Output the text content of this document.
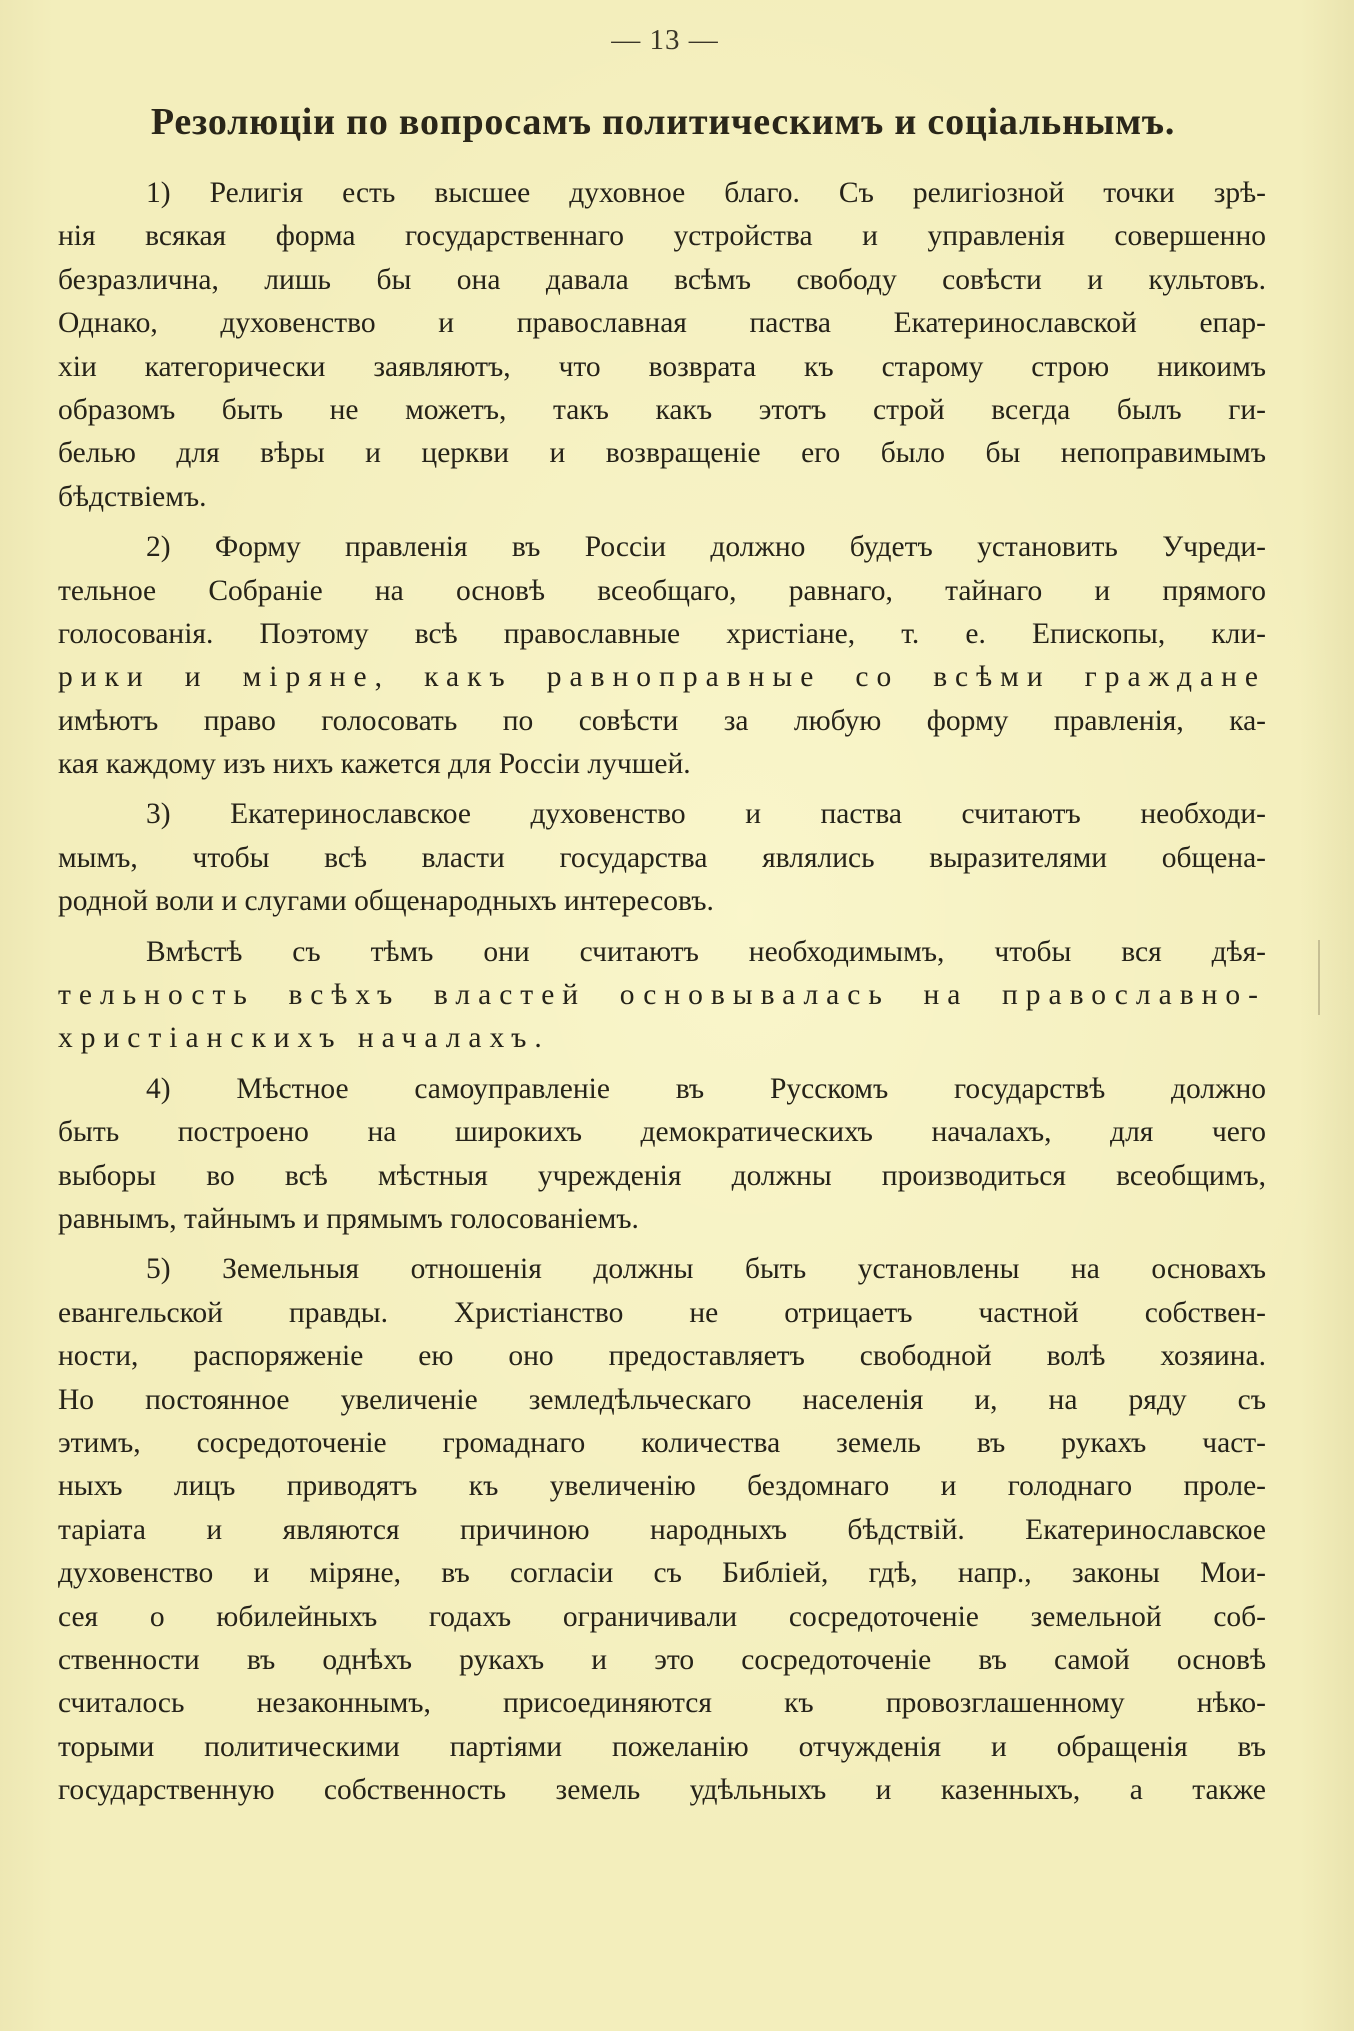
— 13 —
Резолюціи по вопросамъ политическимъ и соціальнымъ.
1) Религія есть высшее духовное благо. Съ религіозной точки зрѣ-
нія всякая форма государственнаго устройства и управленія совершенно
безразлична, лишь бы она давала всѣмъ свободу совѣсти и культовъ.
Однако, духовенство и православная паства Екатеринославской епар-
хіи категорически заявляютъ, что возврата къ старому строю никоимъ
образомъ быть не можетъ, такъ какъ этотъ строй всегда былъ ги-
белью для вѣры и церкви и возвращеніе его было бы непоправимымъ
бѣдствіемъ.
2) Форму правленія въ Россіи должно будетъ установить Учреди-
тельное Собраніе на основѣ всеобщаго, равнаго, тайнаго и прямого
голосованія. Поэтому всѣ православные христіане, т. е. Епископы, кли-
рики и міряне, какъ равноправные со всѣми граждане
имѣютъ право голосовать по совѣсти за любую форму правленія, ка-
кая каждому изъ нихъ кажется для Россіи лучшей.
3) Екатеринославское духовенство и паства считаютъ необходи-
мымъ, чтобы всѣ власти государства являлись выразителями общена-
родной воли и слугами общенародныхъ интересовъ.
Вмѣстѣ съ тѣмъ они считаютъ необходимымъ, чтобы вся дѣя-
тельность всѣхъ властей основывалась на православно-
христіанскихъ началахъ.
4) Мѣстное самоуправленіе въ Русскомъ государствѣ должно
быть построено на широкихъ демократическихъ началахъ, для чего
выборы во всѣ мѣстныя учрежденія должны производиться всеобщимъ,
равнымъ, тайнымъ и прямымъ голосованіемъ.
5) Земельныя отношенія должны быть установлены на основахъ
евангельской правды. Христіанство не отрицаетъ частной собствен-
ности, распоряженіе ею оно предоставляетъ свободной волѣ хозяина.
Но постоянное увеличеніе земледѣльческаго населенія и, на ряду съ
этимъ, сосредоточеніе громаднаго количества земель въ рукахъ част-
ныхъ лицъ приводятъ къ увеличенію бездомнаго и голоднаго проле-
таріата и являются причиною народныхъ бѣдствій. Екатеринославское
духовенство и міряне, въ согласіи съ Библіей, гдѣ, напр., законы Мои-
сея о юбилейныхъ годахъ ограничивали сосредоточеніе земельной соб-
ственности въ однѣхъ рукахъ и это сосредоточеніе въ самой основѣ
считалось незаконнымъ, присоединяются къ провозглашенному нѣко-
торыми политическими партіями пожеланію отчужденія и обращенія въ
государственную собственность земель удѣльныхъ и казенныхъ, а также
